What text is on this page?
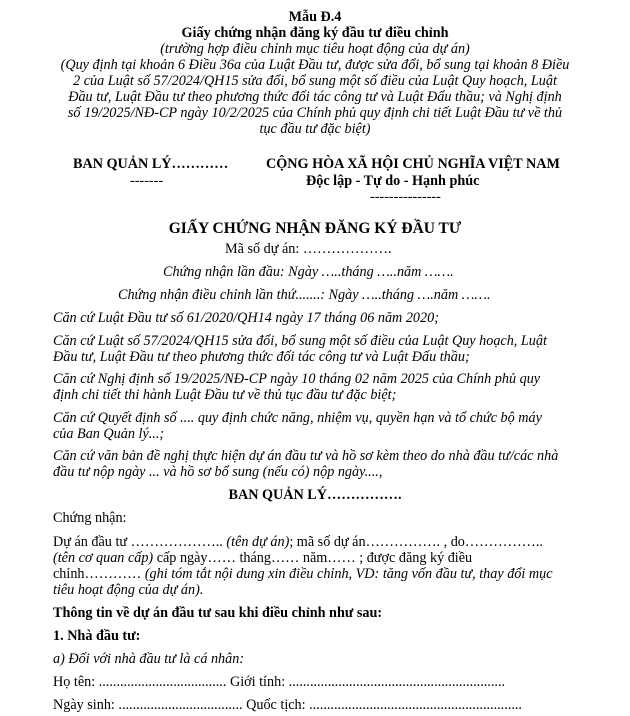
Mẫu Đ.4
Giấy chứng nhận đăng ký đầu tư điều chỉnh
(trường hợp điều chỉnh mục tiêu hoạt động của dự án)
(Quy định tại khoản 6 Điều 36a của Luật Đầu tư, được sửa đổi, bổ sung tại khoản 8 Điều
2 của Luật số 57/2024/QH15 sửa đổi, bổ sung một số điều của Luật Quy hoạch, Luật
Đầu tư, Luật Đầu tư theo phương thức đối tác công tư và Luật Đấu thầu; và Nghị định
số 19/2025/NĐ-CP ngày 10/2/2025 của Chính phủ quy định chi tiết Luật Đầu tư về thủ
tục đầu tư đặc biệt)
BAN QUẢN LÝ…………
-------
CỘNG HÒA XÃ HỘI CHỦ NGHĨA VIỆT NAM
Độc lập - Tự do - Hạnh phúc
---------------
GIẤY CHỨNG NHẬN ĐĂNG KÝ ĐẦU TƯ
Mã số dự án: ……………….
Chứng nhận lần đầu: Ngày …..tháng …..năm …….
Chứng nhận điều chỉnh lần thứ.......: Ngày …..tháng ….năm …….
Căn cứ Luật Đầu tư số 61/2020/QH14 ngày 17 tháng 06 năm 2020;
Căn cứ Luật số 57/2024/QH15 sửa đổi, bổ sung một số điều của Luật Quy hoạch, Luật
Đầu tư, Luật Đầu tư theo phương thức đối tác công tư và Luật Đấu thầu;
Căn cứ Nghị định số 19/2025/NĐ-CP ngày 10 tháng 02 năm 2025 của Chính phủ quy
định chi tiết thi hành Luật Đầu tư về thủ tục đầu tư đặc biệt;
Căn cứ Quyết định số .... quy định chức năng, nhiệm vụ, quyền hạn và tổ chức bộ máy
của Ban Quản lý...;
Căn cứ văn bản đề nghị thực hiện dự án đầu tư và hồ sơ kèm theo do nhà đầu tư/các nhà
đầu tư nộp ngày ... và hồ sơ bổ sung (nếu có) nộp ngày....,
BAN QUẢN LÝ…………….
Chứng nhận:
Dự án đầu tư ……………….. (tên dự án); mã số dự án……………. , do……………..
(tên cơ quan cấp) cấp ngày…… tháng…… năm…… ; được đăng ký điều
chỉnh………… (ghi tóm tắt nội dung xin điều chỉnh, VD: tăng vốn đầu tư, thay đổi mục
tiêu hoạt động của dự án).
Thông tin về dự án đầu tư sau khi điều chỉnh như sau:
1. Nhà đầu tư:
a) Đối với nhà đầu tư là cá nhân:
Họ tên: .................................... Giới tính: .............................................................
Ngày sinh: ................................... Quốc tịch: ............................................................
